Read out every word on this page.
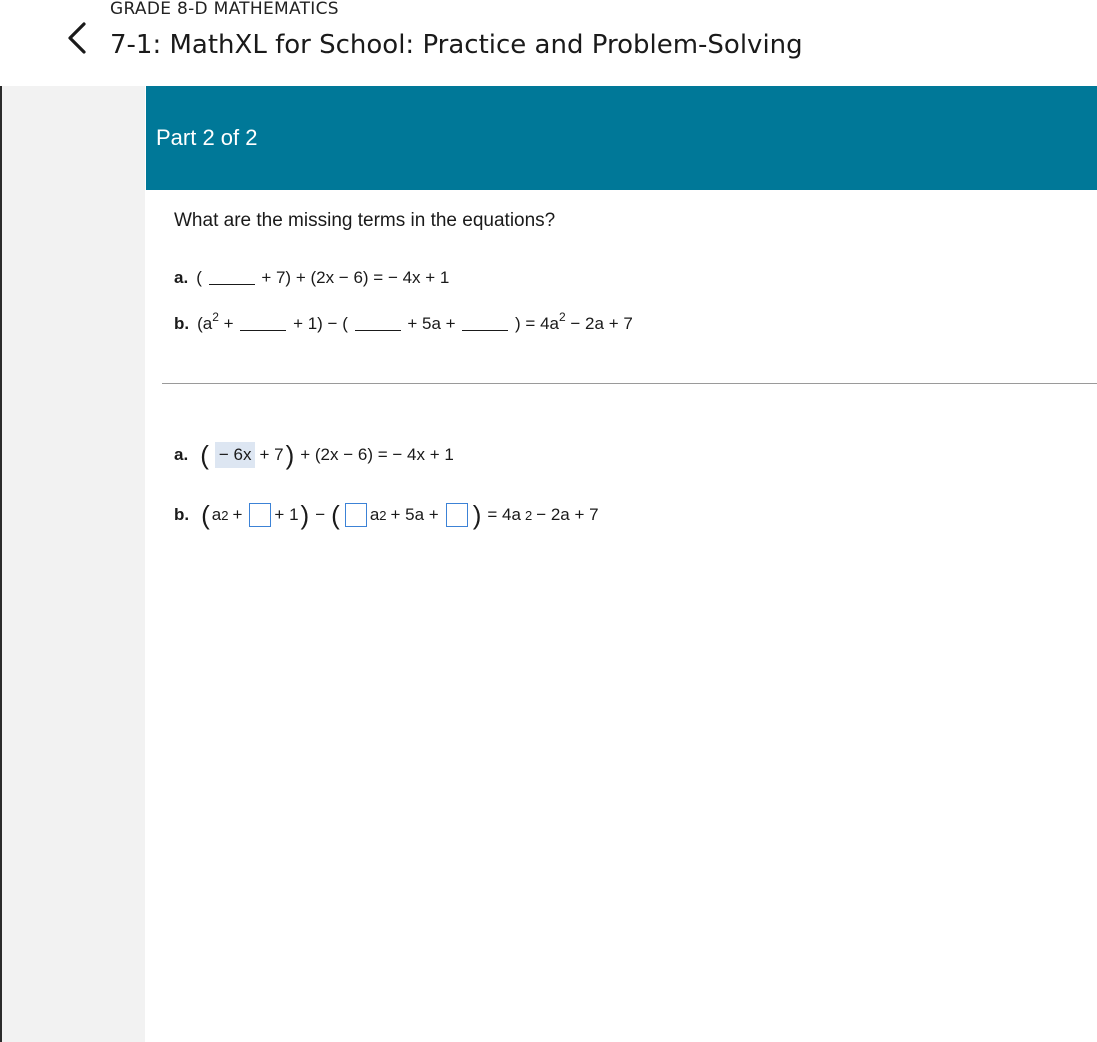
GRADE 8-D MATHEMATICS
7-1: MathXL for School: Practice and Problem-Solving
Part 2 of 2
What are the missing terms in the equations?
a. (	+ 7) + (2x − 6) = − 4x + 1
b. ($a^2$ +	+ 1) − (	+ 5a +	) = $4a^2 - 2a + 7$
a. ( − 6x + 7 ) + (2x − 6) = − 4x + 1
b. ( a 2 + + 1 ) − ( a 2 + 5a + ) = 4a 2 − 2a + 7
